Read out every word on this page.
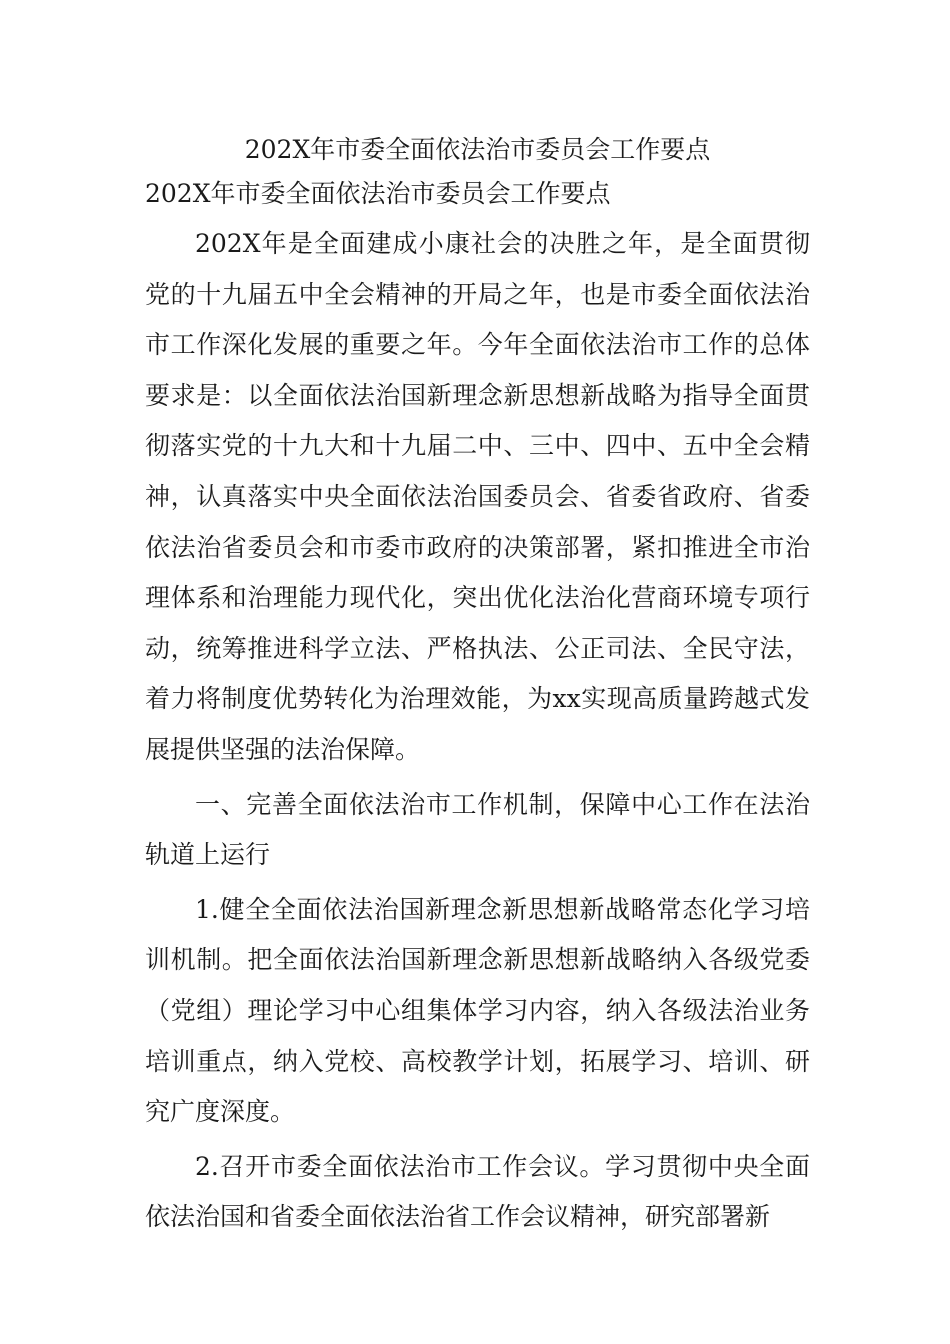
202X年市委全面依法治市委员会工作要点

202X年市委全面依法治市委员会工作要点

202X年是全面建成小康社会的决胜之年，是全面贯彻党的十九届五中全会精神的开局之年，也是市委全面依法治市工作深化发展的重要之年。今年全面依法治市工作的总体要求是：以全面依法治国新理念新思想新战略为指导全面贯彻落实党的十九大和十九届二中、三中、四中、五中全会精神，认真落实中央全面依法治国委员会、省委省政府、省委依法治省委员会和市委市政府的决策部署，紧扣推进全市治理体系和治理能力现代化，突出优化法治化营商环境专项行动，统筹推进科学立法、严格执法、公正司法、全民守法，着力将制度优势转化为治理效能，为xx实现高质量跨越式发展提供坚强的法治保障。

一、完善全面依法治市工作机制，保障中心工作在法治轨道上运行

1.健全全面依法治国新理念新思想新战略常态化学习培训机制。把全面依法治国新理念新思想新战略纳入各级党委（党组）理论学习中心组集体学习内容，纳入各级法治业务培训重点，纳入党校、高校教学计划，拓展学习、培训、研究广度深度。

2.召开市委全面依法治市工作会议。学习贯彻中央全面依法治国和省委全面依法治省工作会议精神，研究部署新
